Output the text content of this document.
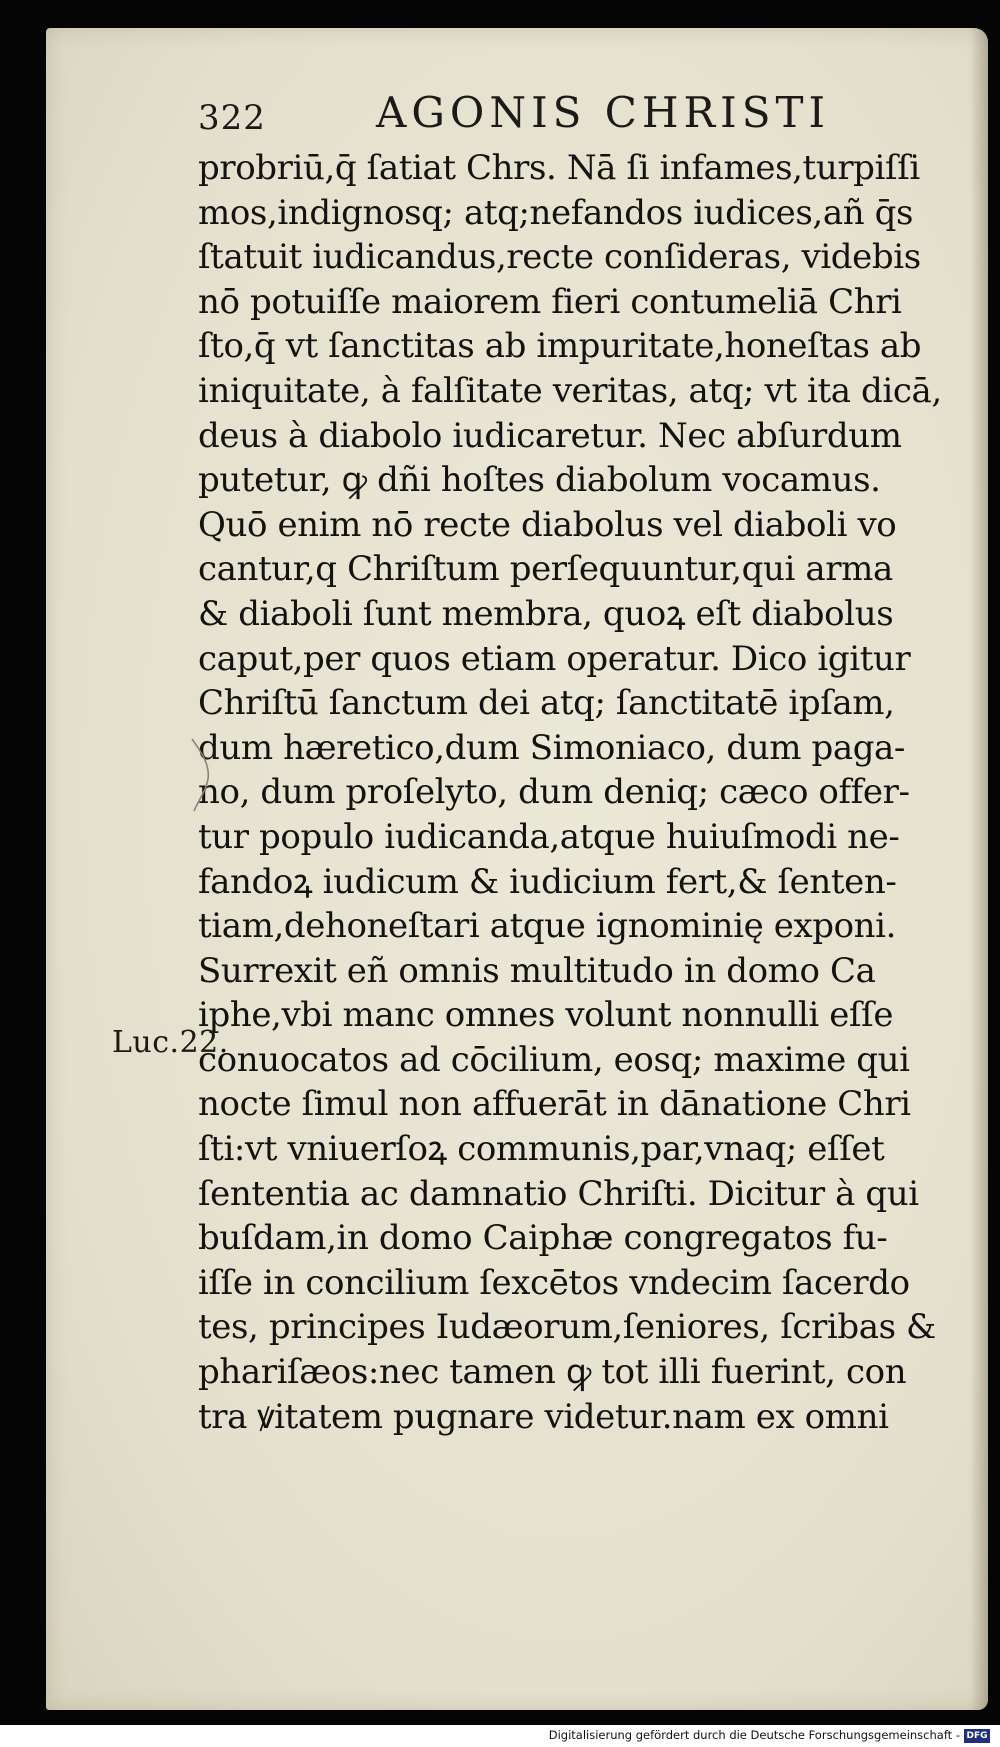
322	AGONIS CHRISTI
probriū,q̄ ſatiat Chrs. Nā ſi infames,turpiſſi
mos,indignosq; atq;nefandos iudices,añ q̄s
ſtatuit iudicandus,recte conſideras, videbis
nō potuiſſe maiorem fieri contumeliā Chri
ſto,q̄ vt ſanctitas ab impuritate,honeſtas ab
iniquitate, à falſitate veritas, atq; vt ita dicā,
deus à diabolo iudicaretur. Nec abſurdum
putetur, ꝙ dñi hoſtes diabolum vocamus.
Quō enim nō recte diabolus vel diaboli vo
cantur,q Chriſtum perſequuntur,qui arma
& diaboli ſunt membra, quoꝝ eſt diabolus
caput,per quos etiam operatur. Dico igitur
Chriſtū ſanctum dei atq; ſanctitatē ipſam,
dum hæretico,dum Simoniaco, dum paga-
no, dum proſelyto, dum deniq; cæco offer-
tur populo iudicanda,atque huiuſmodi ne-
fandoꝝ iudicum & iudicium fert,& ſenten-
tiam,dehoneſtari atque ignominię exponi.
Surrexit eñ omnis multitudo in domo Ca
iphe,vbi manc omnes volunt nonnulli eſſe
conuocatos ad cōcilium, eosq; maxime qui
nocte ſimul non affuerāt in dānatione Chri
ſti:vt vniuerſoꝝ communis,par,vnaq; eſſet
ſententia ac damnatio Chriſti. Dicitur à qui
buſdam,in domo Caiphæ congregatos fu-
iſſe in concilium ſexcētos vndecim ſacerdo
tes, principes Iudæorum,ſeniores, ſcribas &
phariſæos:nec tamen ꝙ tot illi fuerint, con
tra ꝟitatem pugnare videtur.nam ex omni
Luc.22.
Digitalisierung gefördert durch die Deutsche Forschungsgemeinschaft - DFG
